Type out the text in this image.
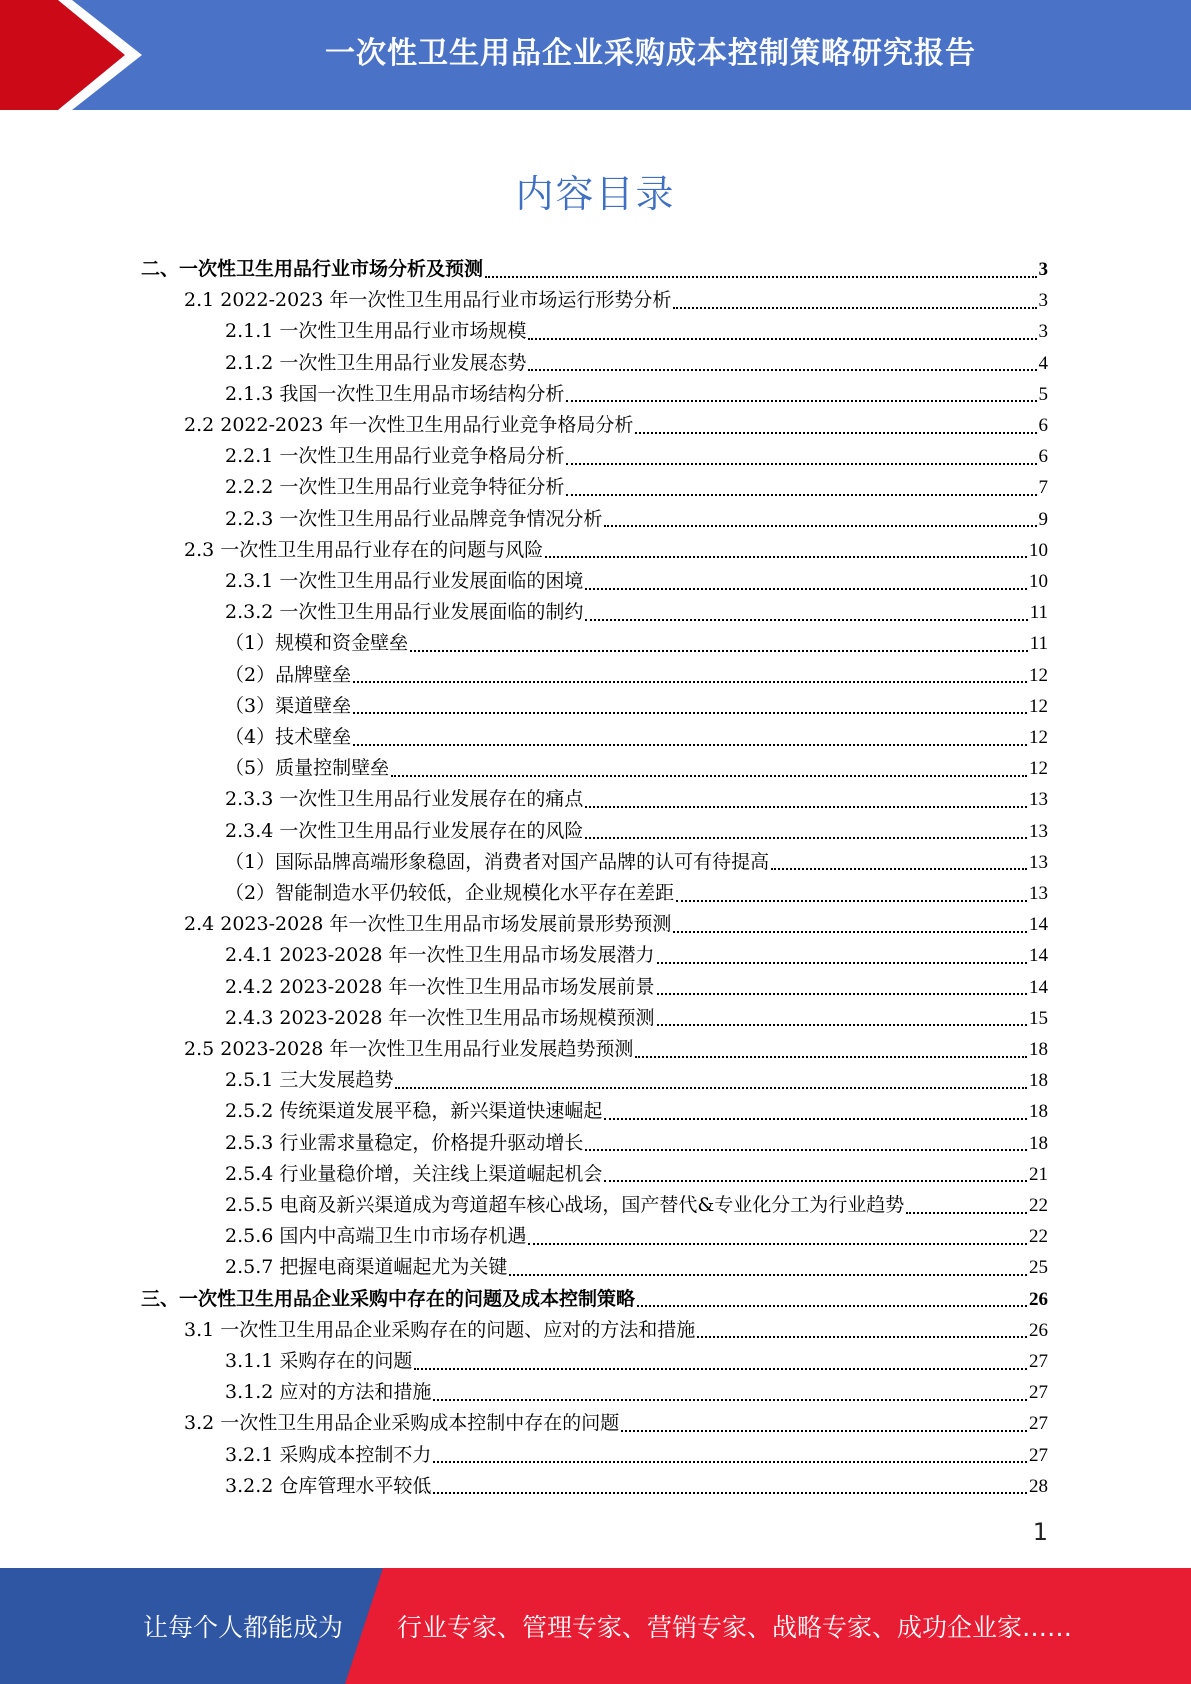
一次性卫生用品企业采购成本控制策略研究报告
内容目录
二、一次性卫生用品行业市场分析及预测	3
2.1 2022-2023 年一次性卫生用品行业市场运行形势分析	3
2.1.1 一次性卫生用品行业市场规模	3
2.1.2 一次性卫生用品行业发展态势	4
2.1.3 我国一次性卫生用品市场结构分析	5
2.2 2022-2023 年一次性卫生用品行业竞争格局分析	6
2.2.1 一次性卫生用品行业竞争格局分析	6
2.2.2 一次性卫生用品行业竞争特征分析	7
2.2.3 一次性卫生用品行业品牌竞争情况分析	9
2.3 一次性卫生用品行业存在的问题与风险	10
2.3.1 一次性卫生用品行业发展面临的困境	10
2.3.2 一次性卫生用品行业发展面临的制约	11
（1）规模和资金壁垒	11
（2）品牌壁垒	12
（3）渠道壁垒	12
（4）技术壁垒	12
（5）质量控制壁垒	12
2.3.3 一次性卫生用品行业发展存在的痛点	13
2.3.4 一次性卫生用品行业发展存在的风险	13
（1）国际品牌高端形象稳固，消费者对国产品牌的认可有待提高	13
（2）智能制造水平仍较低，企业规模化水平存在差距	13
2.4 2023-2028 年一次性卫生用品市场发展前景形势预测	14
2.4.1 2023-2028 年一次性卫生用品市场发展潜力	14
2.4.2 2023-2028 年一次性卫生用品市场发展前景	14
2.4.3 2023-2028 年一次性卫生用品市场规模预测	15
2.5 2023-2028 年一次性卫生用品行业发展趋势预测	18
2.5.1 三大发展趋势	18
2.5.2 传统渠道发展平稳，新兴渠道快速崛起	18
2.5.3 行业需求量稳定，价格提升驱动增长	18
2.5.4 行业量稳价增，关注线上渠道崛起机会	21
2.5.5 电商及新兴渠道成为弯道超车核心战场，国产替代&专业化分工为行业趋势	22
2.5.6 国内中高端卫生巾市场存机遇	22
2.5.7 把握电商渠道崛起尤为关键	25
三、一次性卫生用品企业采购中存在的问题及成本控制策略	26
3.1 一次性卫生用品企业采购存在的问题、应对的方法和措施	26
3.1.1 采购存在的问题	27
3.1.2 应对的方法和措施	27
3.2 一次性卫生用品企业采购成本控制中存在的问题	27
3.2.1 采购成本控制不力	27
3.2.2 仓库管理水平较低	28
1
让每个人都能成为 行业专家、管理专家、营销专家、战略专家、成功企业家……
